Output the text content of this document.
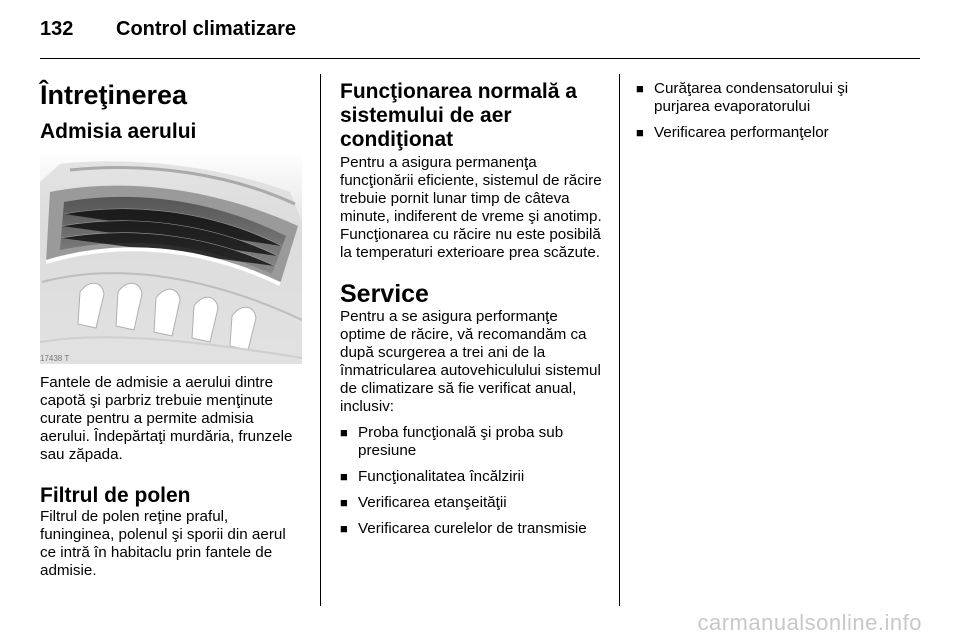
132 Control climatizare
Întreţinerea
Admisia aerului
17438 T

Fantele de admisie a aerului dintre capotă şi parbriz trebuie menţinute curate pentru a permite admisia aerului. Îndepărtaţi murdăria, frunzele sau zăpada.

Filtrul de polen

Filtrul de polen reţine praful, funinginea, polenul şi sporii din aerul ce intră în habitaclu prin fantele de admisie.

Funcţionarea normală a sistemului de aer condiţionat

Pentru a asigura permanenţa funcţionării eficiente, sistemul de răcire trebuie pornit lunar timp de câteva minute, indiferent de vreme şi anotimp. Funcţionarea cu răcire nu este posibilă la temperaturi exterioare prea scăzute.

Service

Pentru a se asigura performanţe optime de răcire, vă recomandăm ca după scurgerea a trei ani de la înmatricularea autovehiculului sistemul de climatizare să fie verificat anual, inclusiv:

■ Proba funcţională şi proba sub presiune

■ Funcţionalitatea încălzirii

■ Verificarea etanşeităţii

■ Verificarea curelelor de transmisie

■ Curăţarea condensatorului şi purjarea evaporatorului

■ Verificarea performanţelor

carmanualsonline.info
